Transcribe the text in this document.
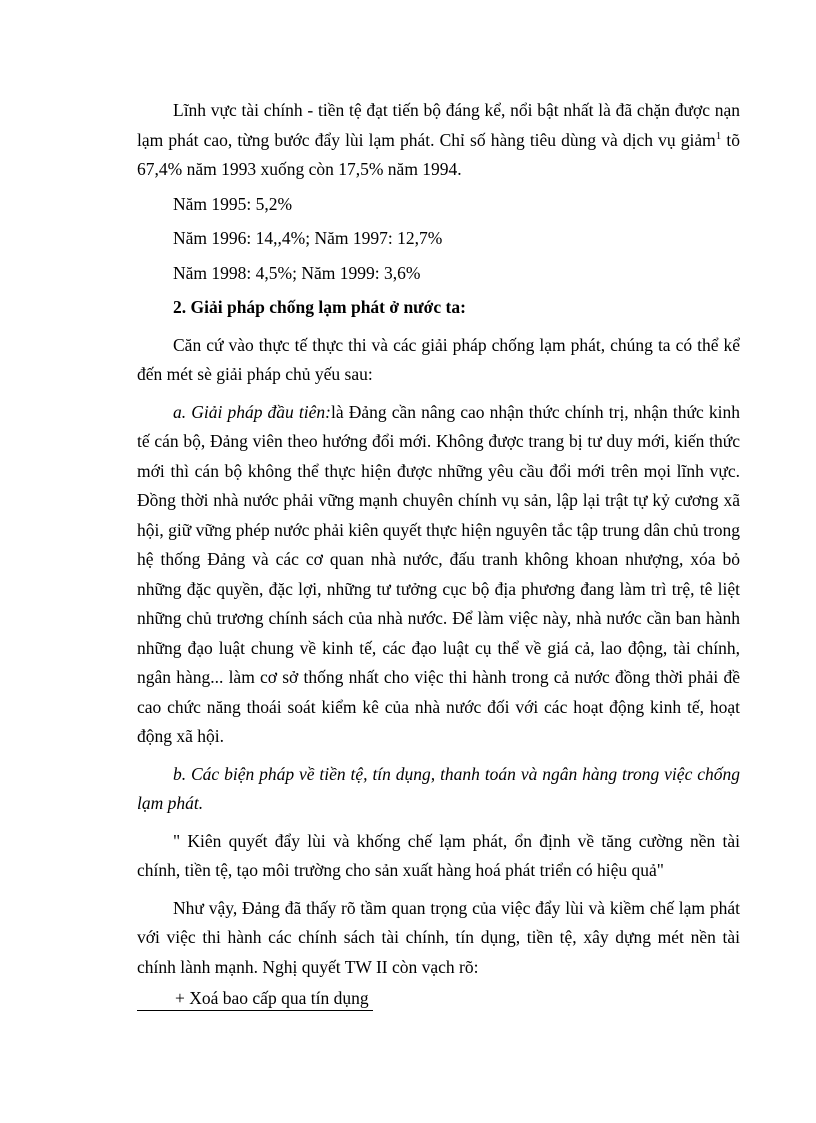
Lĩnh vực tài chính - tiền tệ đạt tiến bộ đáng kể, nổi bật nhất là đã chặn được nạn lạm phát cao, từng bước đẩy lùi lạm phát. Chỉ số hàng tiêu dùng và dịch vụ giảm$^1$ tõ 67,4% năm 1993 xuống còn 17,5% năm 1994.

Năm 1995: 5,2%

Năm 1996: 14,,4%; Năm 1997: 12,7%

Năm 1998: 4,5%; Năm 1999: 3,6%

2. Giải pháp chống lạm phát ở nước ta:

Căn cứ vào thực tế thực thi và các giải pháp chống lạm phát, chúng ta có thể kể đến mét sè giải pháp chủ yếu sau:

a. Giải pháp đầu tiên:là Đảng cần nâng cao nhận thức chính trị, nhận thức kinh tế cán bộ, Đảng viên theo hướng đổi mới. Không được trang bị tư duy mới, kiến thức mới thì cán bộ không thể thực hiện được những yêu cầu đổi mới trên mọi lĩnh vực. Đồng thời nhà nước phải vững mạnh chuyên chính vụ sản, lập lại trật tự kỷ cương xã hội, giữ vững phép nước phải kiên quyết thực hiện nguyên tắc tập trung dân chủ trong hệ thống Đảng và các cơ quan nhà nước, đấu tranh không khoan nhượng, xóa bỏ những đặc quyền, đặc lợi, những tư tưởng cục bộ địa phương đang làm trì trệ, tê liệt những chủ trương chính sách của nhà nước. Để làm việc này, nhà nước cần ban hành những đạo luật chung về kinh tế, các đạo luật cụ thể về giá cả, lao động, tài chính, ngân hàng... làm cơ sở thống nhất cho việc thi hành trong cả nước đồng thời phải đề cao chức năng thoái soát kiểm kê của nhà nước đối với các hoạt động kinh tế, hoạt động xã hội.

b. Các biện pháp về tiền tệ, tín dụng, thanh toán và ngân hàng trong việc chống lạm phát.

" Kiên quyết đẩy lùi và khống chế lạm phát, ổn định về tăng cường nền tài chính, tiền tệ, tạo môi trường cho sản xuất hàng hoá phát triển có hiệu quả"

Như vậy, Đảng đã thấy rõ tầm quan trọng của việc đẩy lùi và kiềm chế lạm phát với việc thi hành các chính sách tài chính, tín dụng, tiền tệ, xây dựng mét nền tài chính lành mạnh. Nghị quyết TW II còn vạch rõ:

+ Xoá bao cấp qua tín dụng
